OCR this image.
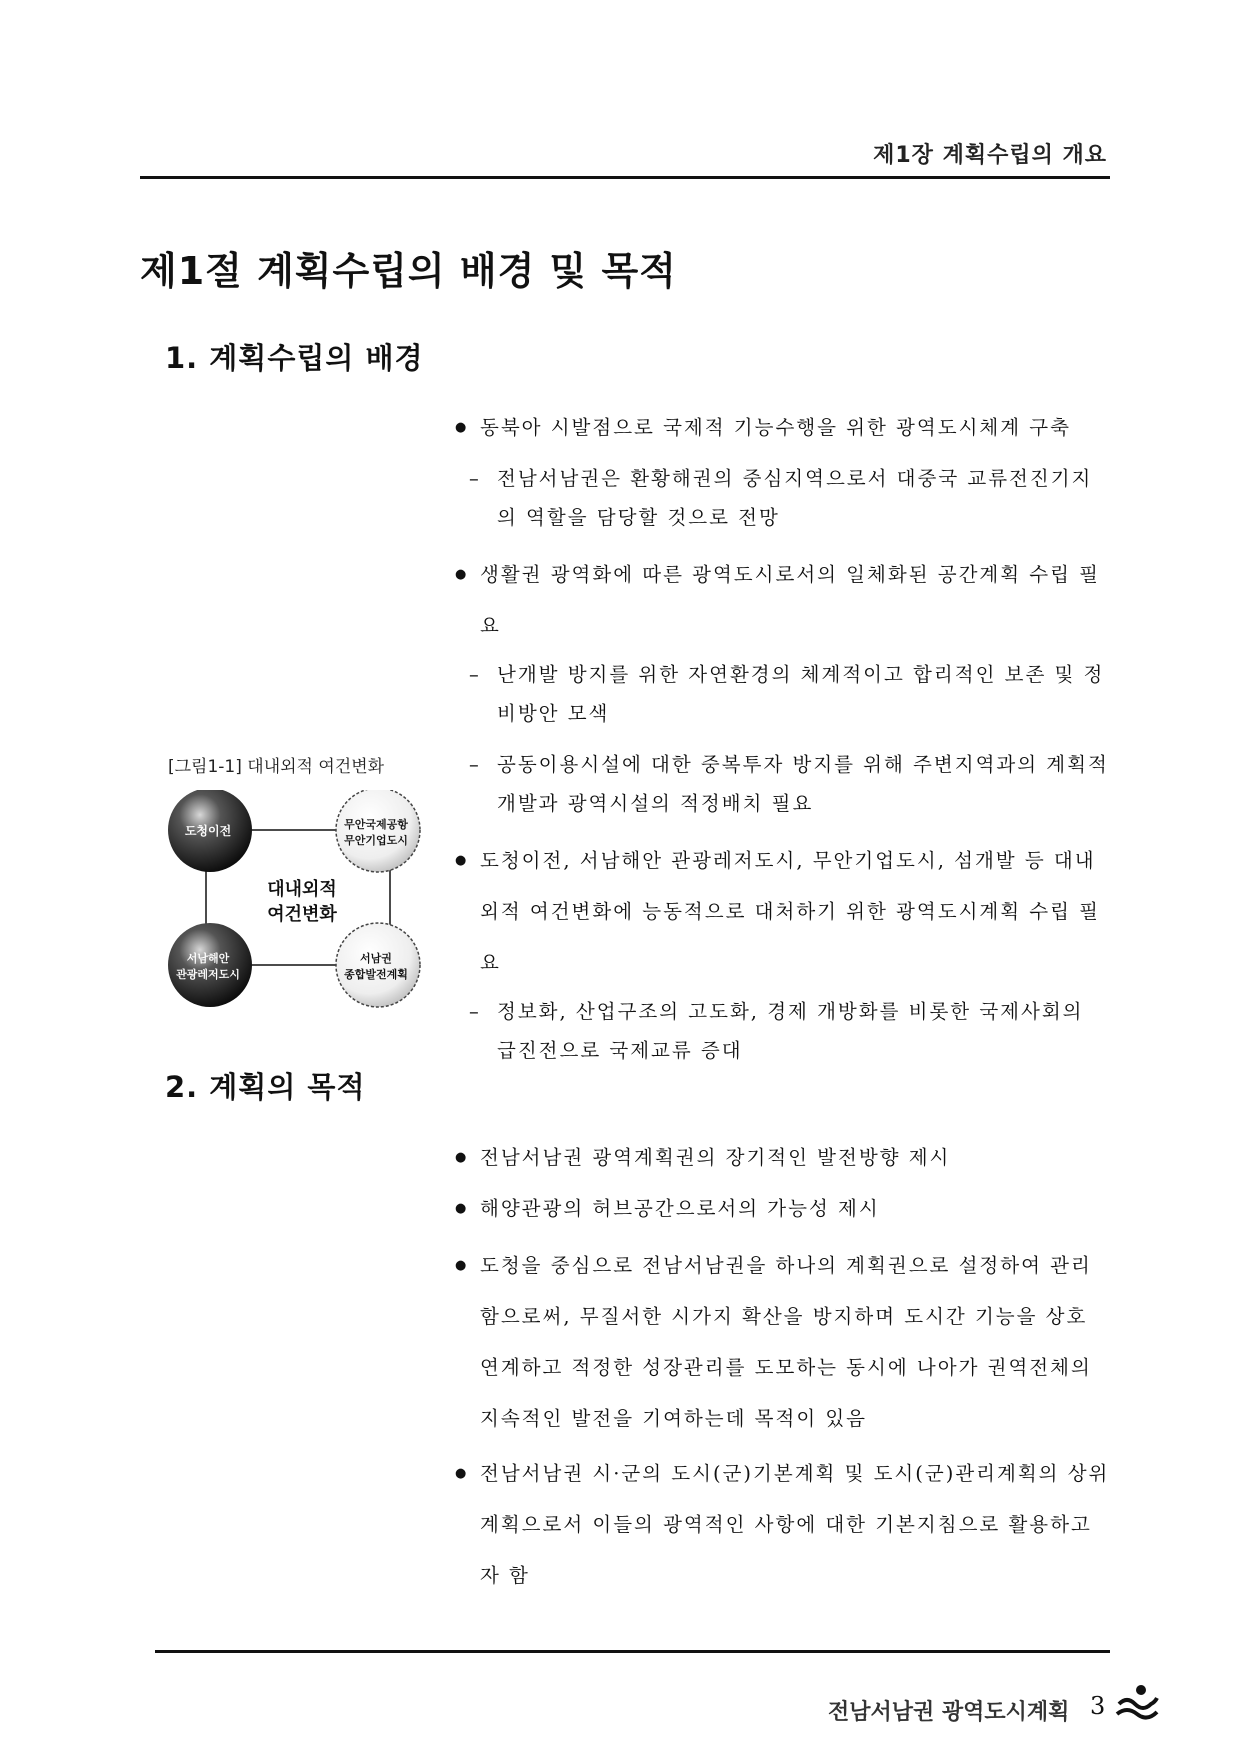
제1장 계획수립의 개요
제1절 계획수립의 배경 및 목적
1. 계획수립의 배경
● 동북아 시발점으로 국제적 기능수행을 위한 광역도시체계 구축
– 전남서남권은 환황해권의 중심지역으로서 대중국 교류전진기지의 역할을 담당할 것으로 전망
● 생활권 광역화에 따른 광역도시로서의 일체화된 공간계획 수립 필요
– 난개발 방지를 위한 자연환경의 체계적이고 합리적인 보존 및 정비방안 모색
– 공동이용시설에 대한 중복투자 방지를 위해 주변지역과의 계획적 개발과 광역시설의 적정배치 필요
● 도청이전, 서남해안 관광레저도시, 무안기업도시, 섬개발 등 대내외적 여건변화에 능동적으로 대처하기 위한 광역도시계획 수립 필요
– 정보화, 산업구조의 고도화, 경제 개방화를 비롯한 국제사회의 급진전으로 국제교류 증대
[그림1-1] 대내외적 여건변화
대내외적
여건변화
도청이전	무안국제공항
무안기업도시
서남해안
관광레저도시
서남권
종합발전계획
2. 계획의 목적
● 전남서남권 광역계획권의 장기적인 발전방향 제시
● 해양관광의 허브공간으로서의 가능성 제시
● 도청을 중심으로 전남서남권을 하나의 계획권으로 설정하여 관리함으로써, 무질서한 시가지 확산을 방지하며 도시간 기능을 상호 연계하고 적정한 성장관리를 도모하는 동시에 나아가 권역전체의 지속적인 발전을 기여하는데 목적이 있음
● 전남서남권 시·군의 도시(군)기본계획 및 도시(군)관리계획의 상위계획으로서 이들의 광역적인 사항에 대한 기본지침으로 활용하고자 함
전남서남권 광역도시계획 3
